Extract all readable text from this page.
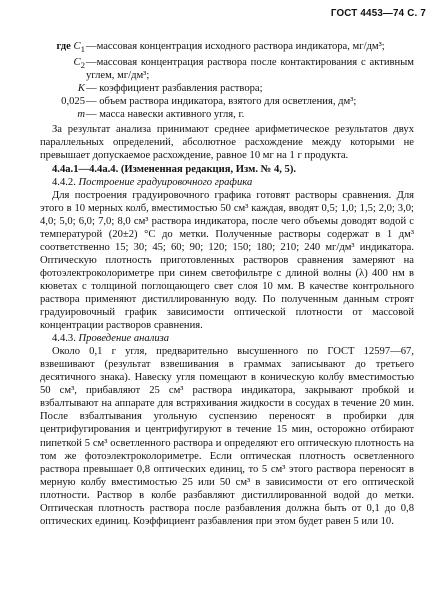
ГОСТ 4453—74 С. 7
где $C_1$ —массовая концентрация исходного раствора индикатора, мг/дм³;
$C_2$ —массовая концентрация раствора после контактирования с активным углем, мг/дм³;
K — коэффициент разбавления раствора;
0,025 — объем раствора индикатора, взятого для осветления, дм³;
m — масса навески активного угля, г.

За результат анализа принимают среднее арифметическое результатов двух параллельных определений, абсолютное расхождение между которыми не превышает допускаемое расхождение, равное 10 мг на 1 г продукта.

4.4а.1—4.4а.4. (Измененная редакция, Изм. № 4, 5).

4.4.2. Построение градуировочного графика

Для построения градуировочного графика готовят растворы сравнения. Для этого в 10 мерных колб, вместимостью 50 см³ каждая, вводят 0,5; 1,0; 1,5; 2,0; 3,0; 4,0; 5,0; 6,0; 7,0; 8,0 см³ раствора индикатора, после чего объемы доводят водой с температурой (20±2) °С до метки. Полученные растворы содержат в 1 дм³ соответственно 15; 30; 45; 60; 90; 120; 150; 180; 210; 240 мг/дм³ индикатора. Оптическую плотность приготовленных растворов сравнения замеряют на фотоэлектроколориметре при синем светофильтре с длиной волны (λ) 400 нм в кюветах с толщиной поглощающего свет слоя 10 мм. В качестве контрольного раствора применяют дистиллированную воду. По полученным данным строят градуировочный график зависимости оптической плотности от массовой концентрации растворов сравнения.

4.4.3. Проведение анализа

Около 0,1 г угля, предварительно высушенного по ГОСТ 12597—67, взвешивают (результат взвешивания в граммах записывают до третьего десятичного знака). Навеску угля помещают в коническую колбу вместимостью 50 см³, прибавляют 25 см³ раствора индикатора, закрывают пробкой и взбалтывают на аппарате для встряхивания жидкости в сосудах в течение 20 мин. После взбалтывания угольную суспензию переносят в пробирки для центрифугирования и центрифугируют в течение 15 мин, осторожно отбирают пипеткой 5 см³ осветленного раствора и определяют его оптическую плотность на том же фотоэлектроколориметре. Если оптическая плотность осветленного раствора превышает 0,8 оптических единиц, то 5 см³ этого раствора переносят в мерную колбу вместимостью 25 или 50 см³ в зависимости от его оптической плотности. Раствор в колбе разбавляют дистиллированной водой до метки. Оптическая плотность раствора после разбавления должна быть от 0,1 до 0,8 оптических единиц. Коэффициент разбавления при этом будет равен 5 или 10.
